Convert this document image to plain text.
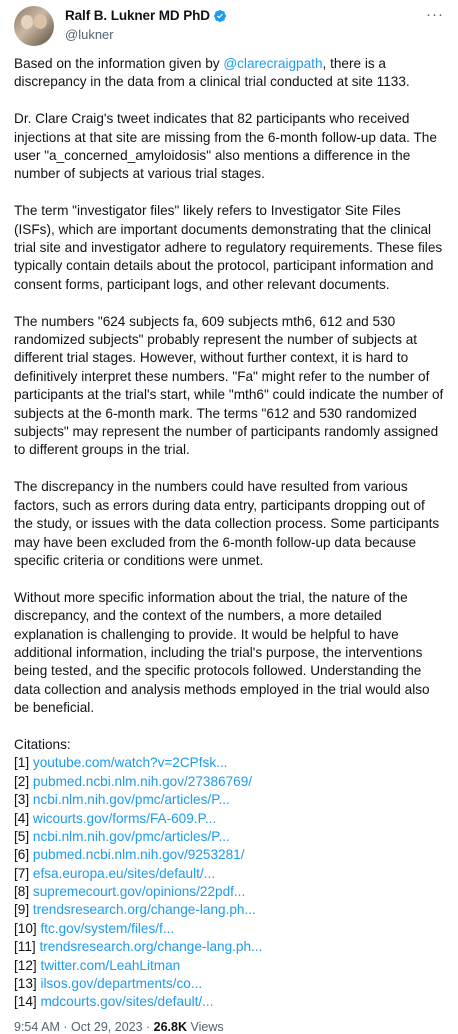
Ralf B. Lukner MD PhD
@lukner
···

Based on the information given by @clarecraigpath, there is a discrepancy in the data from a clinical trial conducted at site 1133.

Dr. Clare Craig's tweet indicates that 82 participants who received injections at that site are missing from the 6-month follow-up data. The user "a_concerned_amyloidosis" also mentions a difference in the number of subjects at various trial stages.

The term "investigator files" likely refers to Investigator Site Files (ISFs), which are important documents demonstrating that the clinical trial site and investigator adhere to regulatory requirements. These files typically contain details about the protocol, participant information and consent forms, participant logs, and other relevant documents.

The numbers "624 subjects fa, 609 subjects mth6, 612 and 530 randomized subjects" probably represent the number of subjects at different trial stages. However, without further context, it is hard to definitively interpret these numbers. "Fa" might refer to the number of participants at the trial's start, while "mth6" could indicate the number of subjects at the 6-month mark. The terms "612 and 530 randomized subjects" may represent the number of participants randomly assigned to different groups in the trial.

The discrepancy in the numbers could have resulted from various factors, such as errors during data entry, participants dropping out of the study, or issues with the data collection process. Some participants may have been excluded from the 6-month follow-up data because specific criteria or conditions were unmet.

Without more specific information about the trial, the nature of the discrepancy, and the context of the numbers, a more detailed explanation is challenging to provide. It would be helpful to have additional information, including the trial's purpose, the interventions being tested, and the specific protocols followed. Understanding the data collection and analysis methods employed in the trial would also be beneficial.

Citations:
[1] youtube.com/watch?v=2CPfsk...
[2] pubmed.ncbi.nlm.nih.gov/27386769/
[3] ncbi.nlm.nih.gov/pmc/articles/P...
[4] wicourts.gov/forms/FA-609.P...
[5] ncbi.nlm.nih.gov/pmc/articles/P...
[6] pubmed.ncbi.nlm.nih.gov/9253281/
[7] efsa.europa.eu/sites/default/...
[8] supremecourt.gov/opinions/22pdf...
[9] trendsresearch.org/change-lang.ph...
[10] ftc.gov/system/files/f...
[11] trendsresearch.org/change-lang.ph...
[12] twitter.com/LeahLitman
[13] ilsos.gov/departments/co...
[14] mdcourts.gov/sites/default/...
9:54 AM · Oct 29, 2023 · 26.8K Views
